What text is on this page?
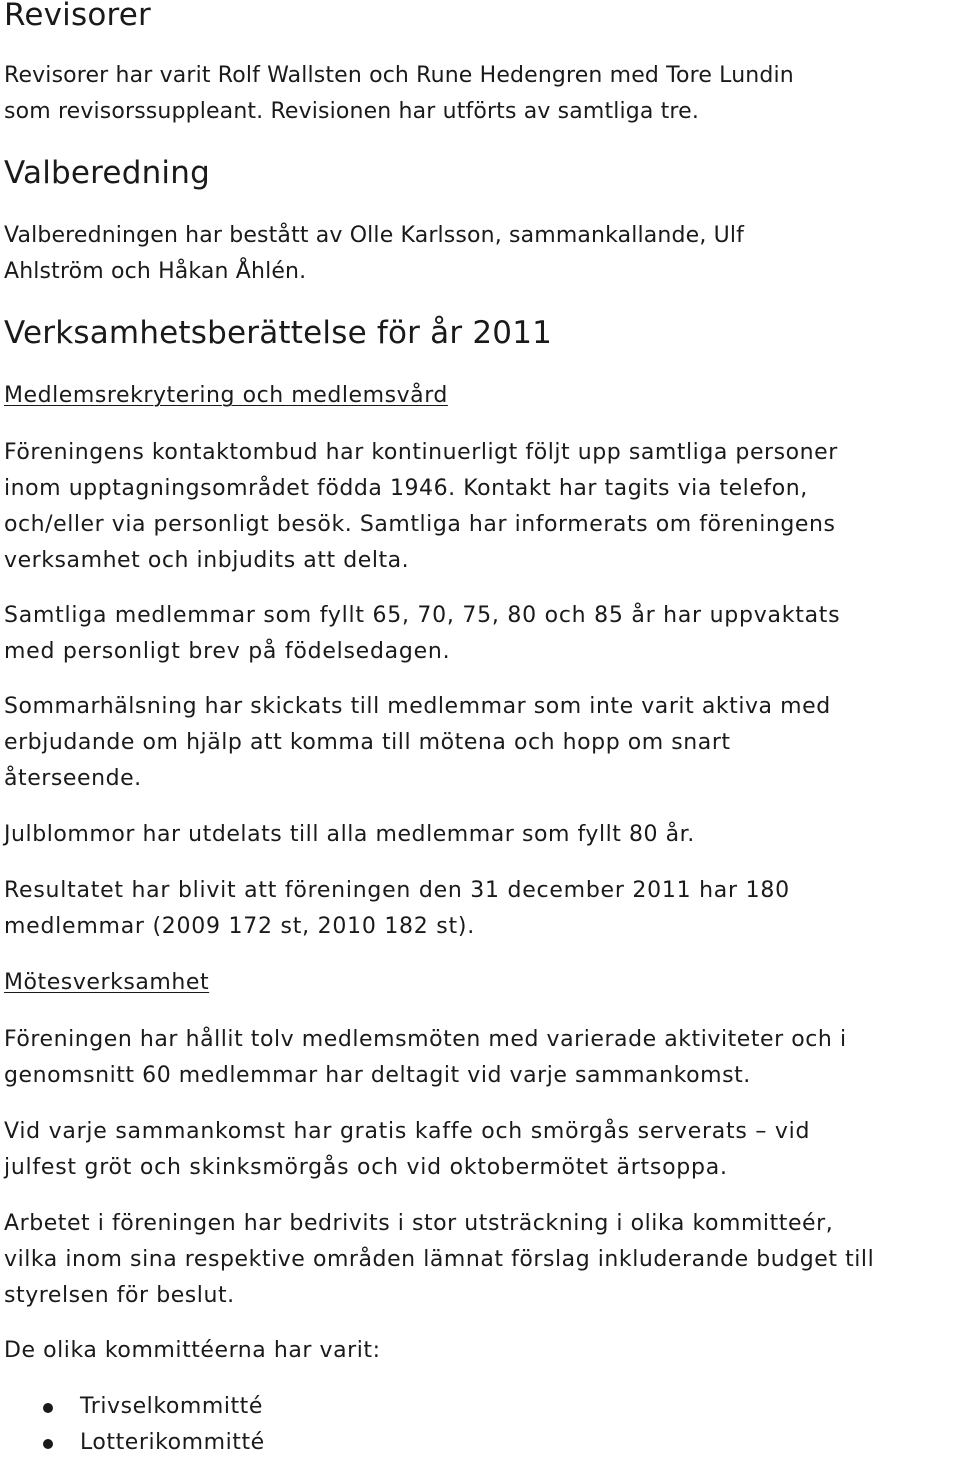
Revisorer
Revisorer har varit Rolf Wallsten och Rune Hedengren med Tore Lundin
som revisorssuppleant. Revisionen har utförts av samtliga tre.
Valberedning
Valberedningen har bestått av Olle Karlsson, sammankallande, Ulf
Ahlström och Håkan Åhlén.
Verksamhetsberättelse för år 2011
Medlemsrekrytering och medlemsvård
Föreningens kontaktombud har kontinuerligt följt upp samtliga personer
inom upptagningsområdet födda 1946. Kontakt har tagits via telefon,
och/eller via personligt besök. Samtliga har informerats om föreningens
verksamhet och inbjudits att delta.
Samtliga medlemmar som fyllt 65, 70, 75, 80 och 85 år har uppvaktats
med personligt brev på födelsedagen.
Sommarhälsning har skickats till medlemmar som inte varit aktiva med
erbjudande om hjälp att komma till mötena och hopp om snart
återseende.
Julblommor har utdelats till alla medlemmar som fyllt 80 år.
Resultatet har blivit att föreningen den 31 december 2011 har 180
medlemmar (2009 172 st, 2010 182 st).
Mötesverksamhet
Föreningen har hållit tolv medlemsmöten med varierade aktiviteter och i
genomsnitt 60 medlemmar har deltagit vid varje sammankomst.
Vid varje sammankomst har gratis kaffe och smörgås serverats – vid
julfest gröt och skinksmörgås och vid oktobermötet ärtsoppa.
Arbetet i föreningen har bedrivits i stor utsträckning i olika kommitteér,
vilka inom sina respektive områden lämnat förslag inkluderande budget till
styrelsen för beslut.
De olika kommittéerna har varit:
Trivselkommitté
Lotterikommitté
